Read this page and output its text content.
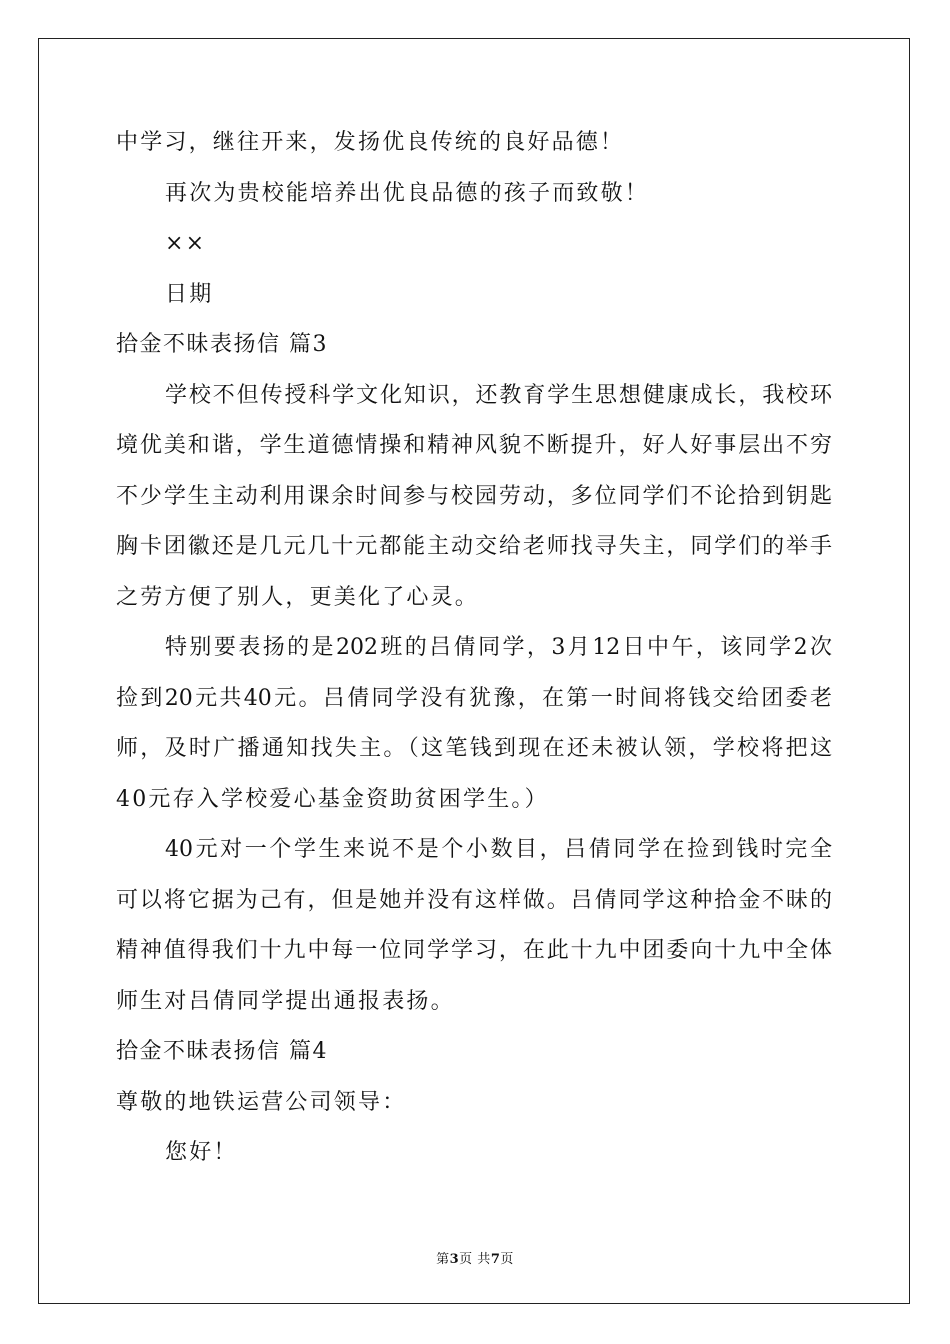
中学习，继往开来，发扬优良传统的良好品德！
再次为贵校能培养出优良品德的孩子而致敬！
××
日期
拾金不昧表扬信 篇3
学校不但传授科学文化知识，还教育学生思想健康成长，我校环
境优美和谐，学生道德情操和精神风貌不断提升，好人好事层出不穷
不少学生主动利用课余时间参与校园劳动，多位同学们不论拾到钥匙
胸卡团徽还是几元几十元都能主动交给老师找寻失主，同学们的举手
之劳方便了别人，更美化了心灵。
特别要表扬的是202班的吕倩同学，3月12日中午，该同学2次
捡到20元共40元。吕倩同学没有犹豫，在第一时间将钱交给团委老
师，及时广播通知找失主。（这笔钱到现在还未被认领，学校将把这
40元存入学校爱心基金资助贫困学生。）
40元对一个学生来说不是个小数目，吕倩同学在捡到钱时完全
可以将它据为己有，但是她并没有这样做。吕倩同学这种拾金不昧的
精神值得我们十九中每一位同学学习，在此十九中团委向十九中全体
师生对吕倩同学提出通报表扬。
拾金不昧表扬信 篇4
尊敬的地铁运营公司领导：
您好！
第3页 共7页
